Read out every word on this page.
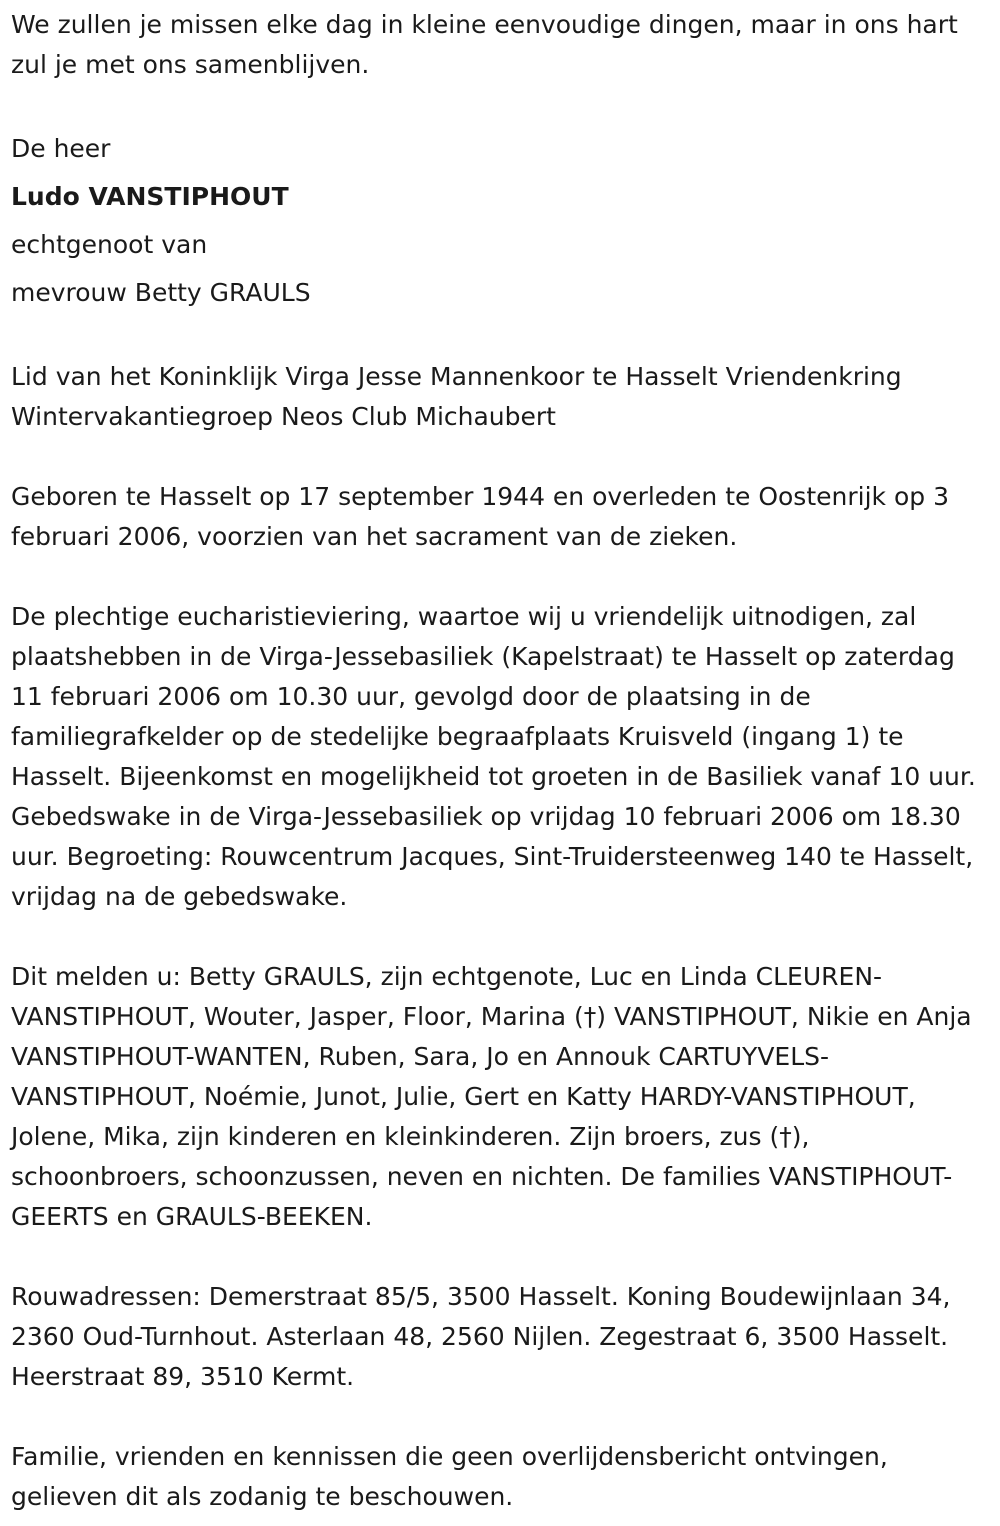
We zullen je missen elke dag in kleine eenvoudige dingen, maar in ons hart zul je met ons samenblijven.

De heer

Ludo VANSTIPHOUT

echtgenoot van

mevrouw Betty GRAULS

Lid van het Koninklijk Virga Jesse Mannenkoor te Hasselt Vriendenkring Wintervakantiegroep Neos Club Michaubert

Geboren te Hasselt op 17 september 1944 en overleden te Oostenrijk op 3 februari 2006, voorzien van het sacrament van de zieken.

De plechtige eucharistieviering, waartoe wij u vriendelijk uitnodigen, zal plaatshebben in de Virga-Jessebasiliek (Kapelstraat) te Hasselt op zaterdag 11 februari 2006 om 10.30 uur, gevolgd door de plaatsing in de familiegrafkelder op de stedelijke begraafplaats Kruisveld (ingang 1) te Hasselt. Bijeenkomst en mogelijkheid tot groeten in de Basiliek vanaf 10 uur. Gebedswake in de Virga-Jessebasiliek op vrijdag 10 februari 2006 om 18.30 uur. Begroeting: Rouwcentrum Jacques, Sint-Truidersteenweg 140 te Hasselt, vrijdag na de gebedswake.

Dit melden u: Betty GRAULS, zijn echtgenote, Luc en Linda CLEUREN-VANSTIPHOUT, Wouter, Jasper, Floor, Marina (†) VANSTIPHOUT, Nikie en Anja VANSTIPHOUT-WANTEN, Ruben, Sara, Jo en Annouk CARTUYVELS-VANSTIPHOUT, Noémie, Junot, Julie, Gert en Katty HARDY-VANSTIPHOUT, Jolene, Mika, zijn kinderen en kleinkinderen. Zijn broers, zus (†), schoonbroers, schoonzussen, neven en nichten. De families VANSTIPHOUT-GEERTS en GRAULS-BEEKEN.

Rouwadressen: Demerstraat 85/5, 3500 Hasselt. Koning Boudewijnlaan 34, 2360 Oud-Turnhout. Asterlaan 48, 2560 Nijlen. Zegestraat 6, 3500 Hasselt. Heerstraat 89, 3510 Kermt.

Familie, vrienden en kennissen die geen overlijdensbericht ontvingen, gelieven dit als zodanig te beschouwen.
